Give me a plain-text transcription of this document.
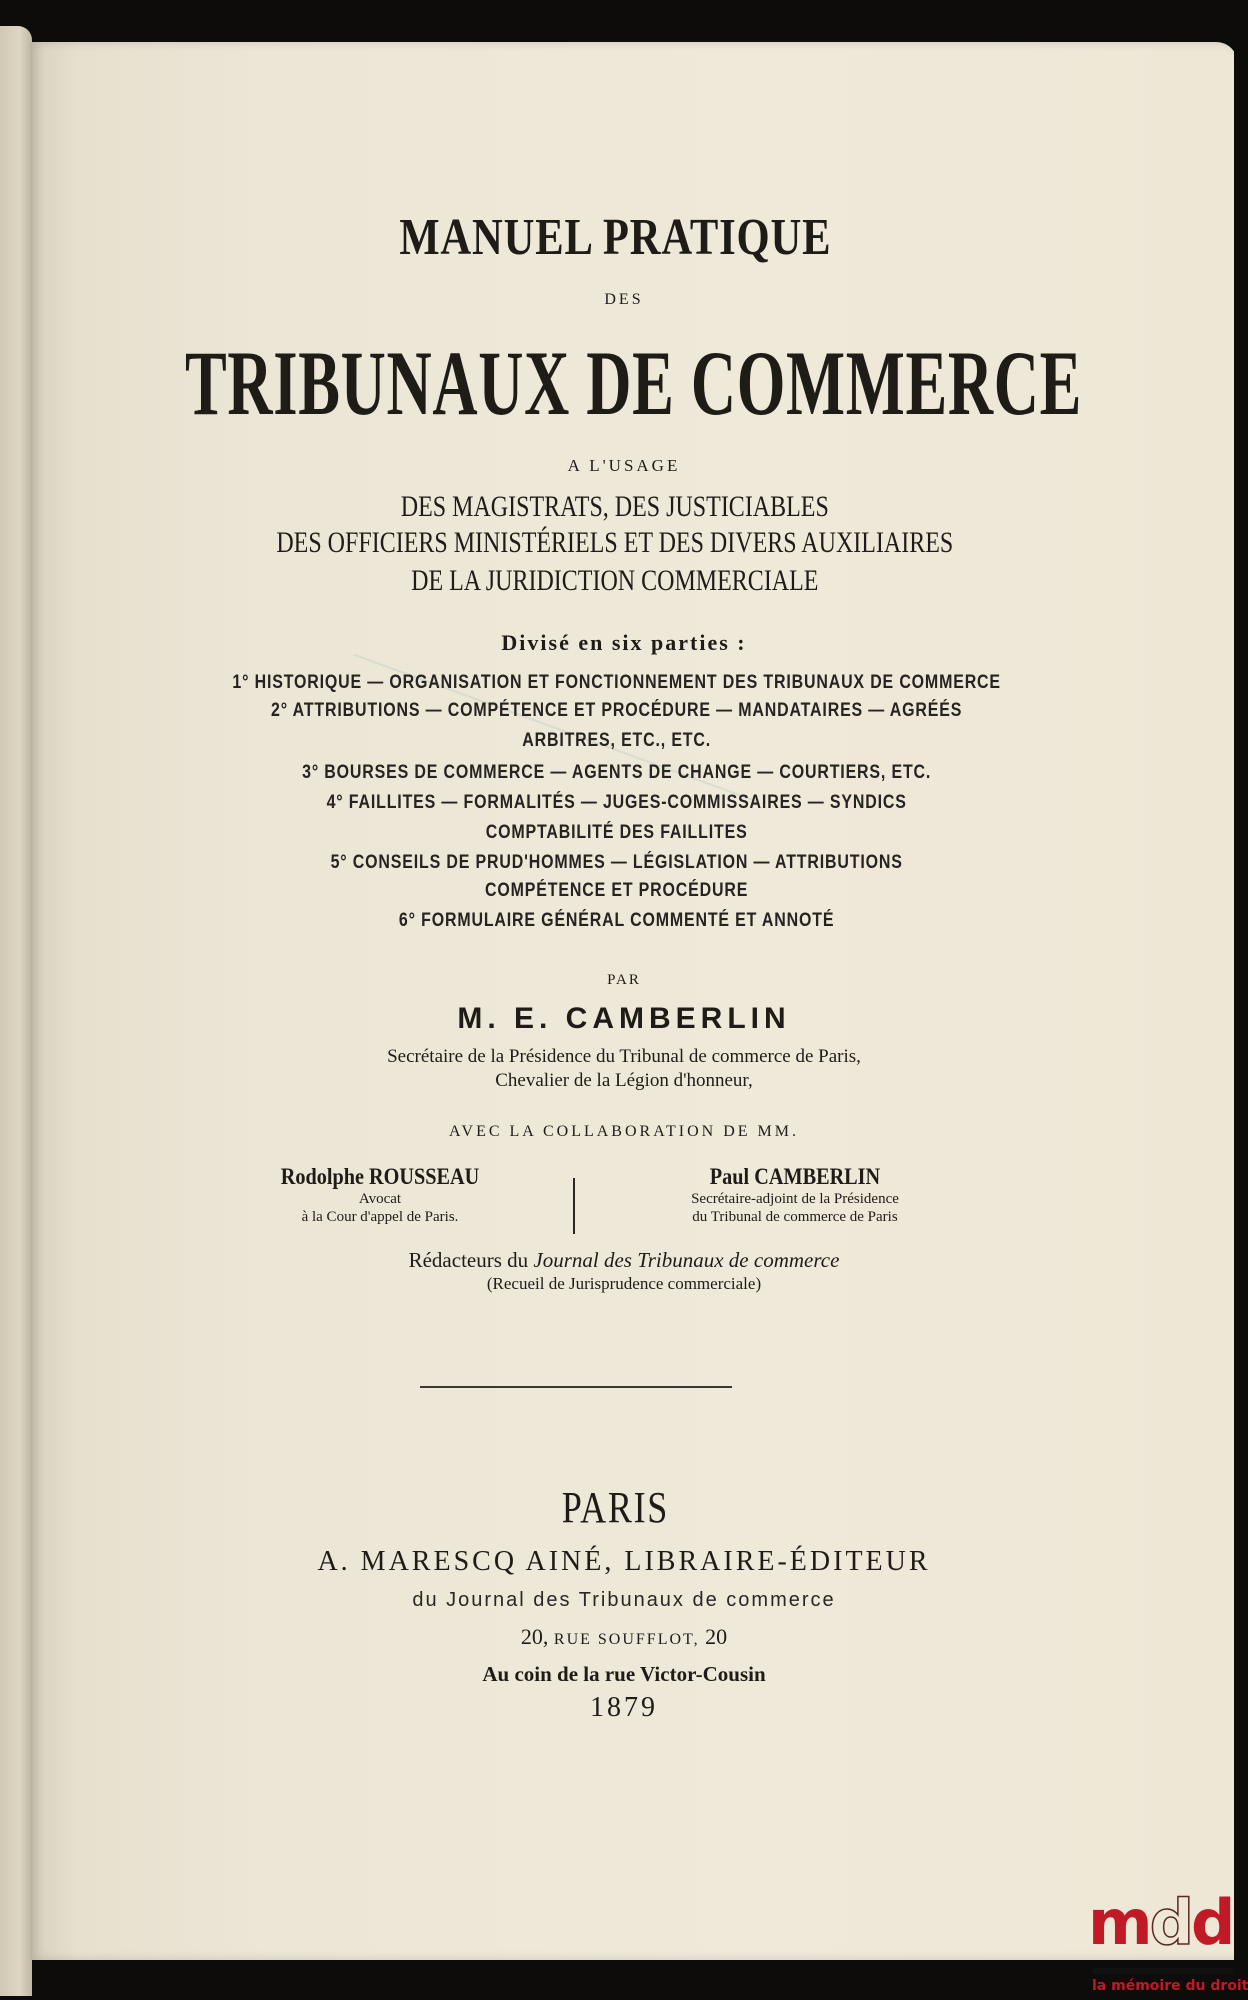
MANUEL PRATIQUE
DES
TRIBUNAUX DE COMMERCE
A L'USAGE
DES MAGISTRATS, DES JUSTICIABLES
DES OFFICIERS MINISTÉRIELS ET DES DIVERS AUXILIAIRES
DE LA JURIDICTION COMMERCIALE
Divisé en six parties :
1° HISTORIQUE — ORGANISATION ET FONCTIONNEMENT DES TRIBUNAUX DE COMMERCE
2° ATTRIBUTIONS — COMPÉTENCE ET PROCÉDURE — MANDATAIRES — AGRÉÉS
ARBITRES, ETC., ETC.
3° BOURSES DE COMMERCE — AGENTS DE CHANGE — COURTIERS, ETC.
4° FAILLITES — FORMALITÉS — JUGES-COMMISSAIRES — SYNDICS
COMPTABILITÉ DES FAILLITES
5° CONSEILS DE PRUD'HOMMES — LÉGISLATION — ATTRIBUTIONS
COMPÉTENCE ET PROCÉDURE
6° FORMULAIRE GÉNÉRAL COMMENTÉ ET ANNOTÉ
PAR
M. E. CAMBERLIN
Secrétaire de la Présidence du Tribunal de commerce de Paris,
Chevalier de la Légion d'honneur,
AVEC LA COLLABORATION DE MM.
Rodolphe ROUSSEAU
Avocat
à la Cour d'appel de Paris.
Paul CAMBERLIN
Secrétaire-adjoint de la Présidence
du Tribunal de commerce de Paris
Rédacteurs du Journal des Tribunaux de commerce
(Recueil de Jurisprudence commerciale)
PARIS
A. MARESCQ AINÉ, LIBRAIRE-ÉDITEUR
du Journal des Tribunaux de commerce
20, RUE SOUFFLOT, 20
Au coin de la rue Victor-Cousin
1879
mdd
la mémoire du droit
